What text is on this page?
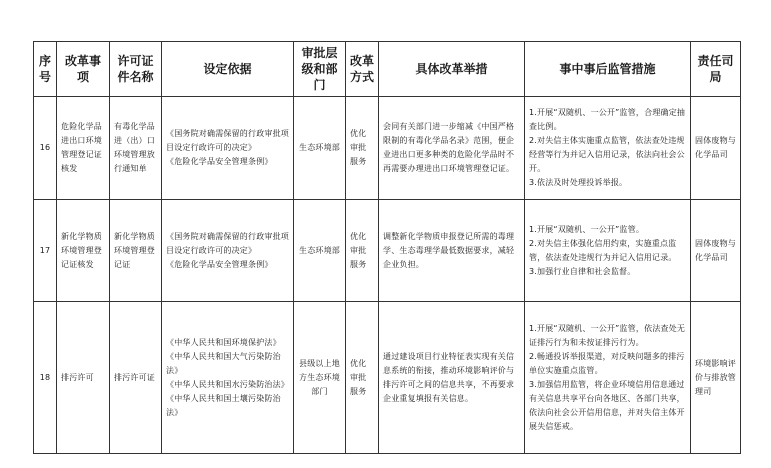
序号	改革事项	许可证件名称	设定依据	审批层级和部门	改革方式	具体改革举措	事中事后监管措施	责任司局
16	危险化学品进出口环境管理登记证核发	有毒化学品进（出）口环境管理放行通知单	《国务院对确需保留的行政审批项目设定行政许可的决定》
《危险化学品安全管理条例》	生态环境部	优化审批服务	会同有关部门进一步缩减《中国严格限制的有毒化学品名录》范围，便企业进出口更多种类的危险化学品时不再需要办理进出口环境管理登记证。	1.开展“双随机、一公开”监管，合理确定抽查比例。
2.对失信主体实施重点监管，依法查处违规经营等行为并记入信用记录，依法向社会公开。
3.依法及时处理投诉举报。	固体废物与化学品司
17	新化学物质环境管理登记证核发	新化学物质环境管理登记证	《国务院对确需保留的行政审批项目设定行政许可的决定》
《危险化学品安全管理条例》	生态环境部	优化审批服务	调整新化学物质申报登记所需的毒理学、生态毒理学最低数据要求，减轻企业负担。	1.开展“双随机、一公开”监管。
2.对失信主体强化信用约束，实施重点监管，依法查处违规行为并记入信用记录。
3.加强行业自律和社会监督。	固体废物与化学品司
18	排污许可	排污许可证	《中华人民共和国环境保护法》
《中华人民共和国大气污染防治法》
《中华人民共和国水污染防治法》
《中华人民共和国土壤污染防治法》	县级以上地方生态环境部门	优化审批服务	通过建设项目行业特征表实现有关信息系统的衔接，推动环境影响评价与排污许可之间的信息共享，不再要求企业重复填报有关信息。	1.开展“双随机、一公开”监管，依法查处无证排污行为和未按证排污行为。
2.畅通投诉举报渠道，对反映问题多的排污单位实施重点监管。
3.加强信用监管，将企业环境信用信息通过有关信息共享平台向各地区、各部门共享，依法向社会公开信用信息，并对失信主体开展失信惩戒。	环境影响评价与排放管理司
